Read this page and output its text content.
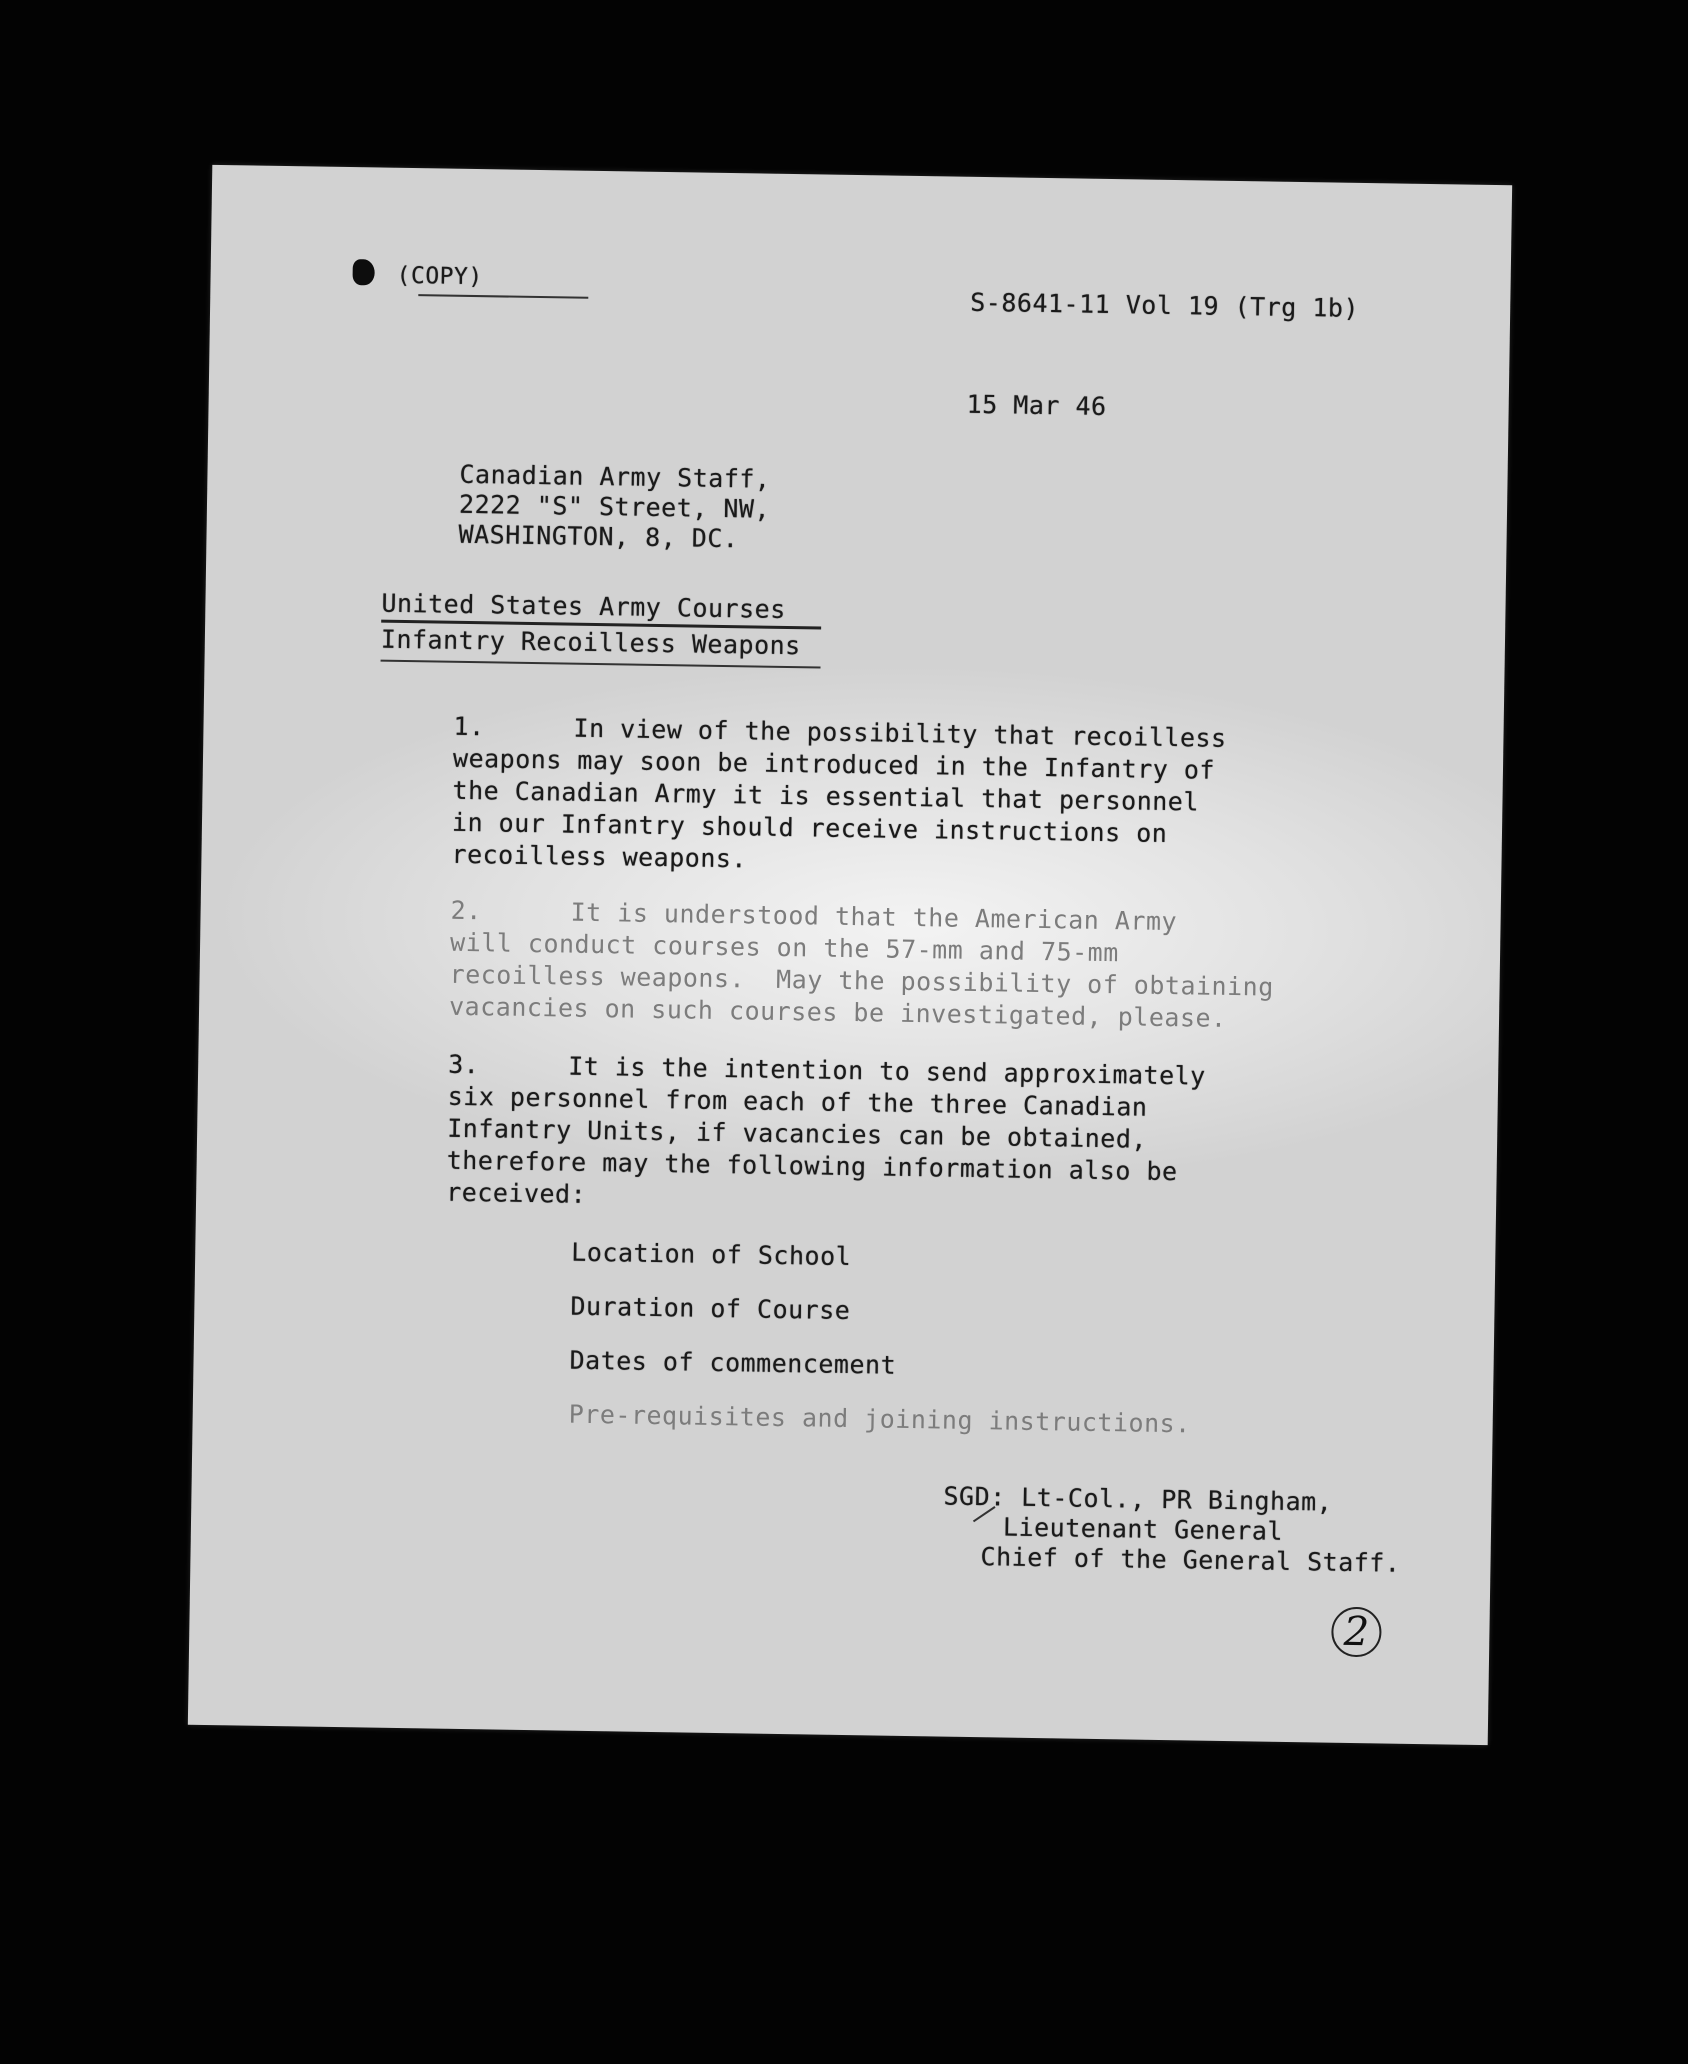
(COPY)
S-8641-11 Vol 19 (Trg 1b)
15 Mar 46
Canadian Army Staff,
2222 "S" Street, NW,
WASHINGTON, 8, DC.
United States Army Courses
Infantry Recoilless Weapons
1.	In view of the possibility that recoilless
weapons may soon be introduced in the Infantry of
the Canadian Army it is essential that personnel
in our Infantry should receive instructions on
recoilless weapons.
2.	It is understood that the American Army
will conduct courses on the 57-mm and 75-mm
recoilless weapons.  May the possibility of obtaining
vacancies on such courses be investigated, please.
3.	It is the intention to send approximately
six personnel from each of the three Canadian
Infantry Units, if vacancies can be obtained,
therefore may the following information also be
received:
Location of School
Duration of Course
Dates of commencement
Pre-requisites and joining instructions.
SGD: Lt-Col., PR Bingham,
Lieutenant General
Chief of the General Staff.
2
